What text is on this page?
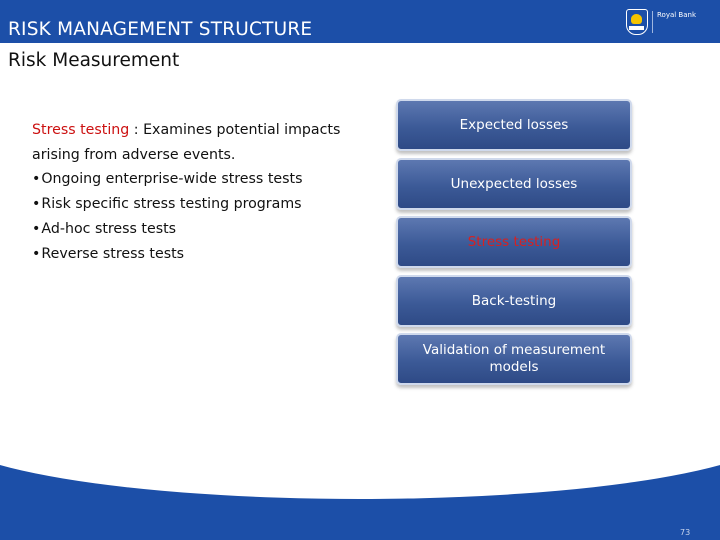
Royal Bank
RISK MANAGEMENT STRUCTURE
Risk Measurement
Stress testing : Examines potential impacts arising from adverse events.
• Ongoing enterprise-wide stress tests
• Risk specific stress testing programs
• Ad-hoc stress tests
• Reverse stress tests
Expected losses
Unexpected losses
Stress testing
Back-testing
Validation of measurement models
73
